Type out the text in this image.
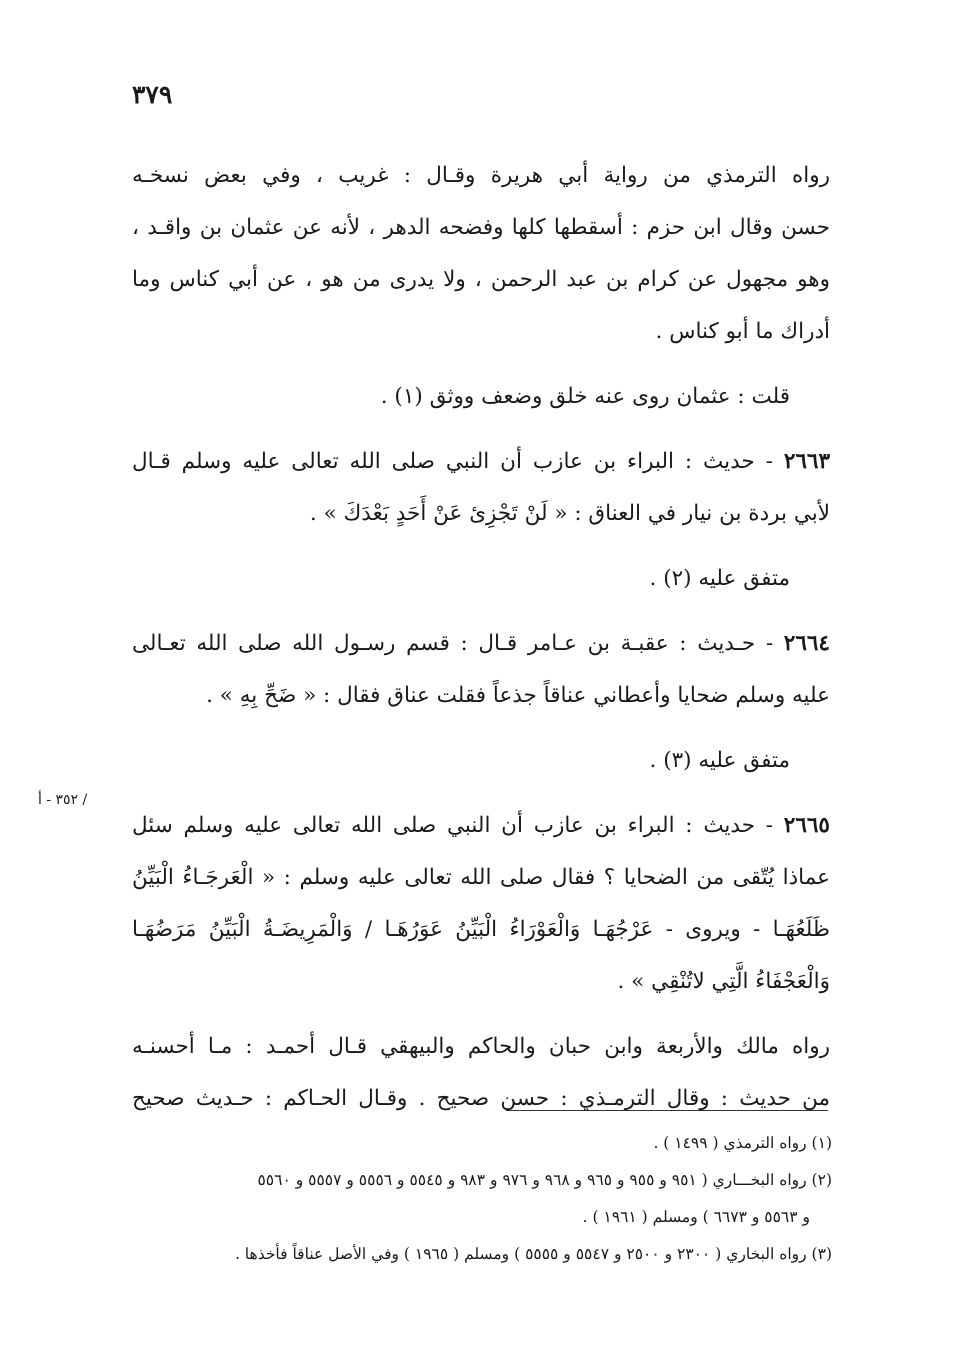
٣٧٩
/ ٣٥٢ - أ
رواه الترمذي من رواية أبي هريرة وقـال : غريب ، وفي بعض نسخـه
حسن وقال ابن حزم : أسقطها كلها وفضحه الدهر ، لأنه عن عثمان بن واقـد ،
وهو مجهول عن كرام بن عبد الرحمن ، ولا يدرى من هو ، عن أبي كناس وما
أدراك ما أبو كناس .
قلت : عثمان روى عنه خلق وضعف ووثق (١) .
٢٦٦٣ - حديث : البراء بن عازب أن النبي صلى الله تعالى عليه وسلم قـال
لأبي بردة بن نيار في العناق : « لَنْ تَجْزِئ عَنْ أَحَدٍ بَعْدَكَ » .
متفق عليه (٢) .
٢٦٦٤ - حـديث : عقبـة بن عـامر قـال : قسم رسـول الله صلى الله تعـالى
عليه وسلم ضحايا وأعطاني عناقاً جذعاً فقلت عناق فقال : « ضَحِّ بِهِ » .
متفق عليه (٣) .
٢٦٦٥ - حديث : البراء بن عازب أن النبي صلى الله تعالى عليه وسلم سئل
عماذا يُتّقى من الضحايا ؟ فقال صلى الله تعالى عليه وسلم : « الْعَرجَـاءُ الْبَيِّنُ
ظَلَعُهَـا - ويروى - عَرْجُهَـا وَالْعَوْرَاءُ الْبَيِّنُ عَوَرُهَـا / وَالْمَرِيضَـةُ الْبَيِّنُ مَرَضُهَـا
وَالْعَجْفَاءُ الَّتِي لاتُنْقِي » .
رواه مالك والأربعة وابن حبان والحاكم والبيهقي قـال أحمـد : مـا أحسنـه
من حديث : وقال الترمـذي : حسن صحيح . وقـال الحـاكم : حـديث صحيح
(١) رواه الترمذي ( ١٤٩٩ ) .
(٢) رواه البخـــاري ( ٩٥١ و ٩٥٥ و ٩٦٥ و ٩٦٨ و ٩٧٦ و ٩٨٣ و ٥٥٤٥ و ٥٥٥٦ و ٥٥٥٧ و ٥٥٦٠
و ٥٥٦٣ و ٦٦٧٣ ) ومسلم ( ١٩٦١ ) .
(٣) رواه البخاري ( ٢٣٠٠ و ٢٥٠٠ و ٥٥٤٧ و ٥٥٥٥ ) ومسلم ( ١٩٦٥ ) وفي الأصل عناقاً فأخذها .
